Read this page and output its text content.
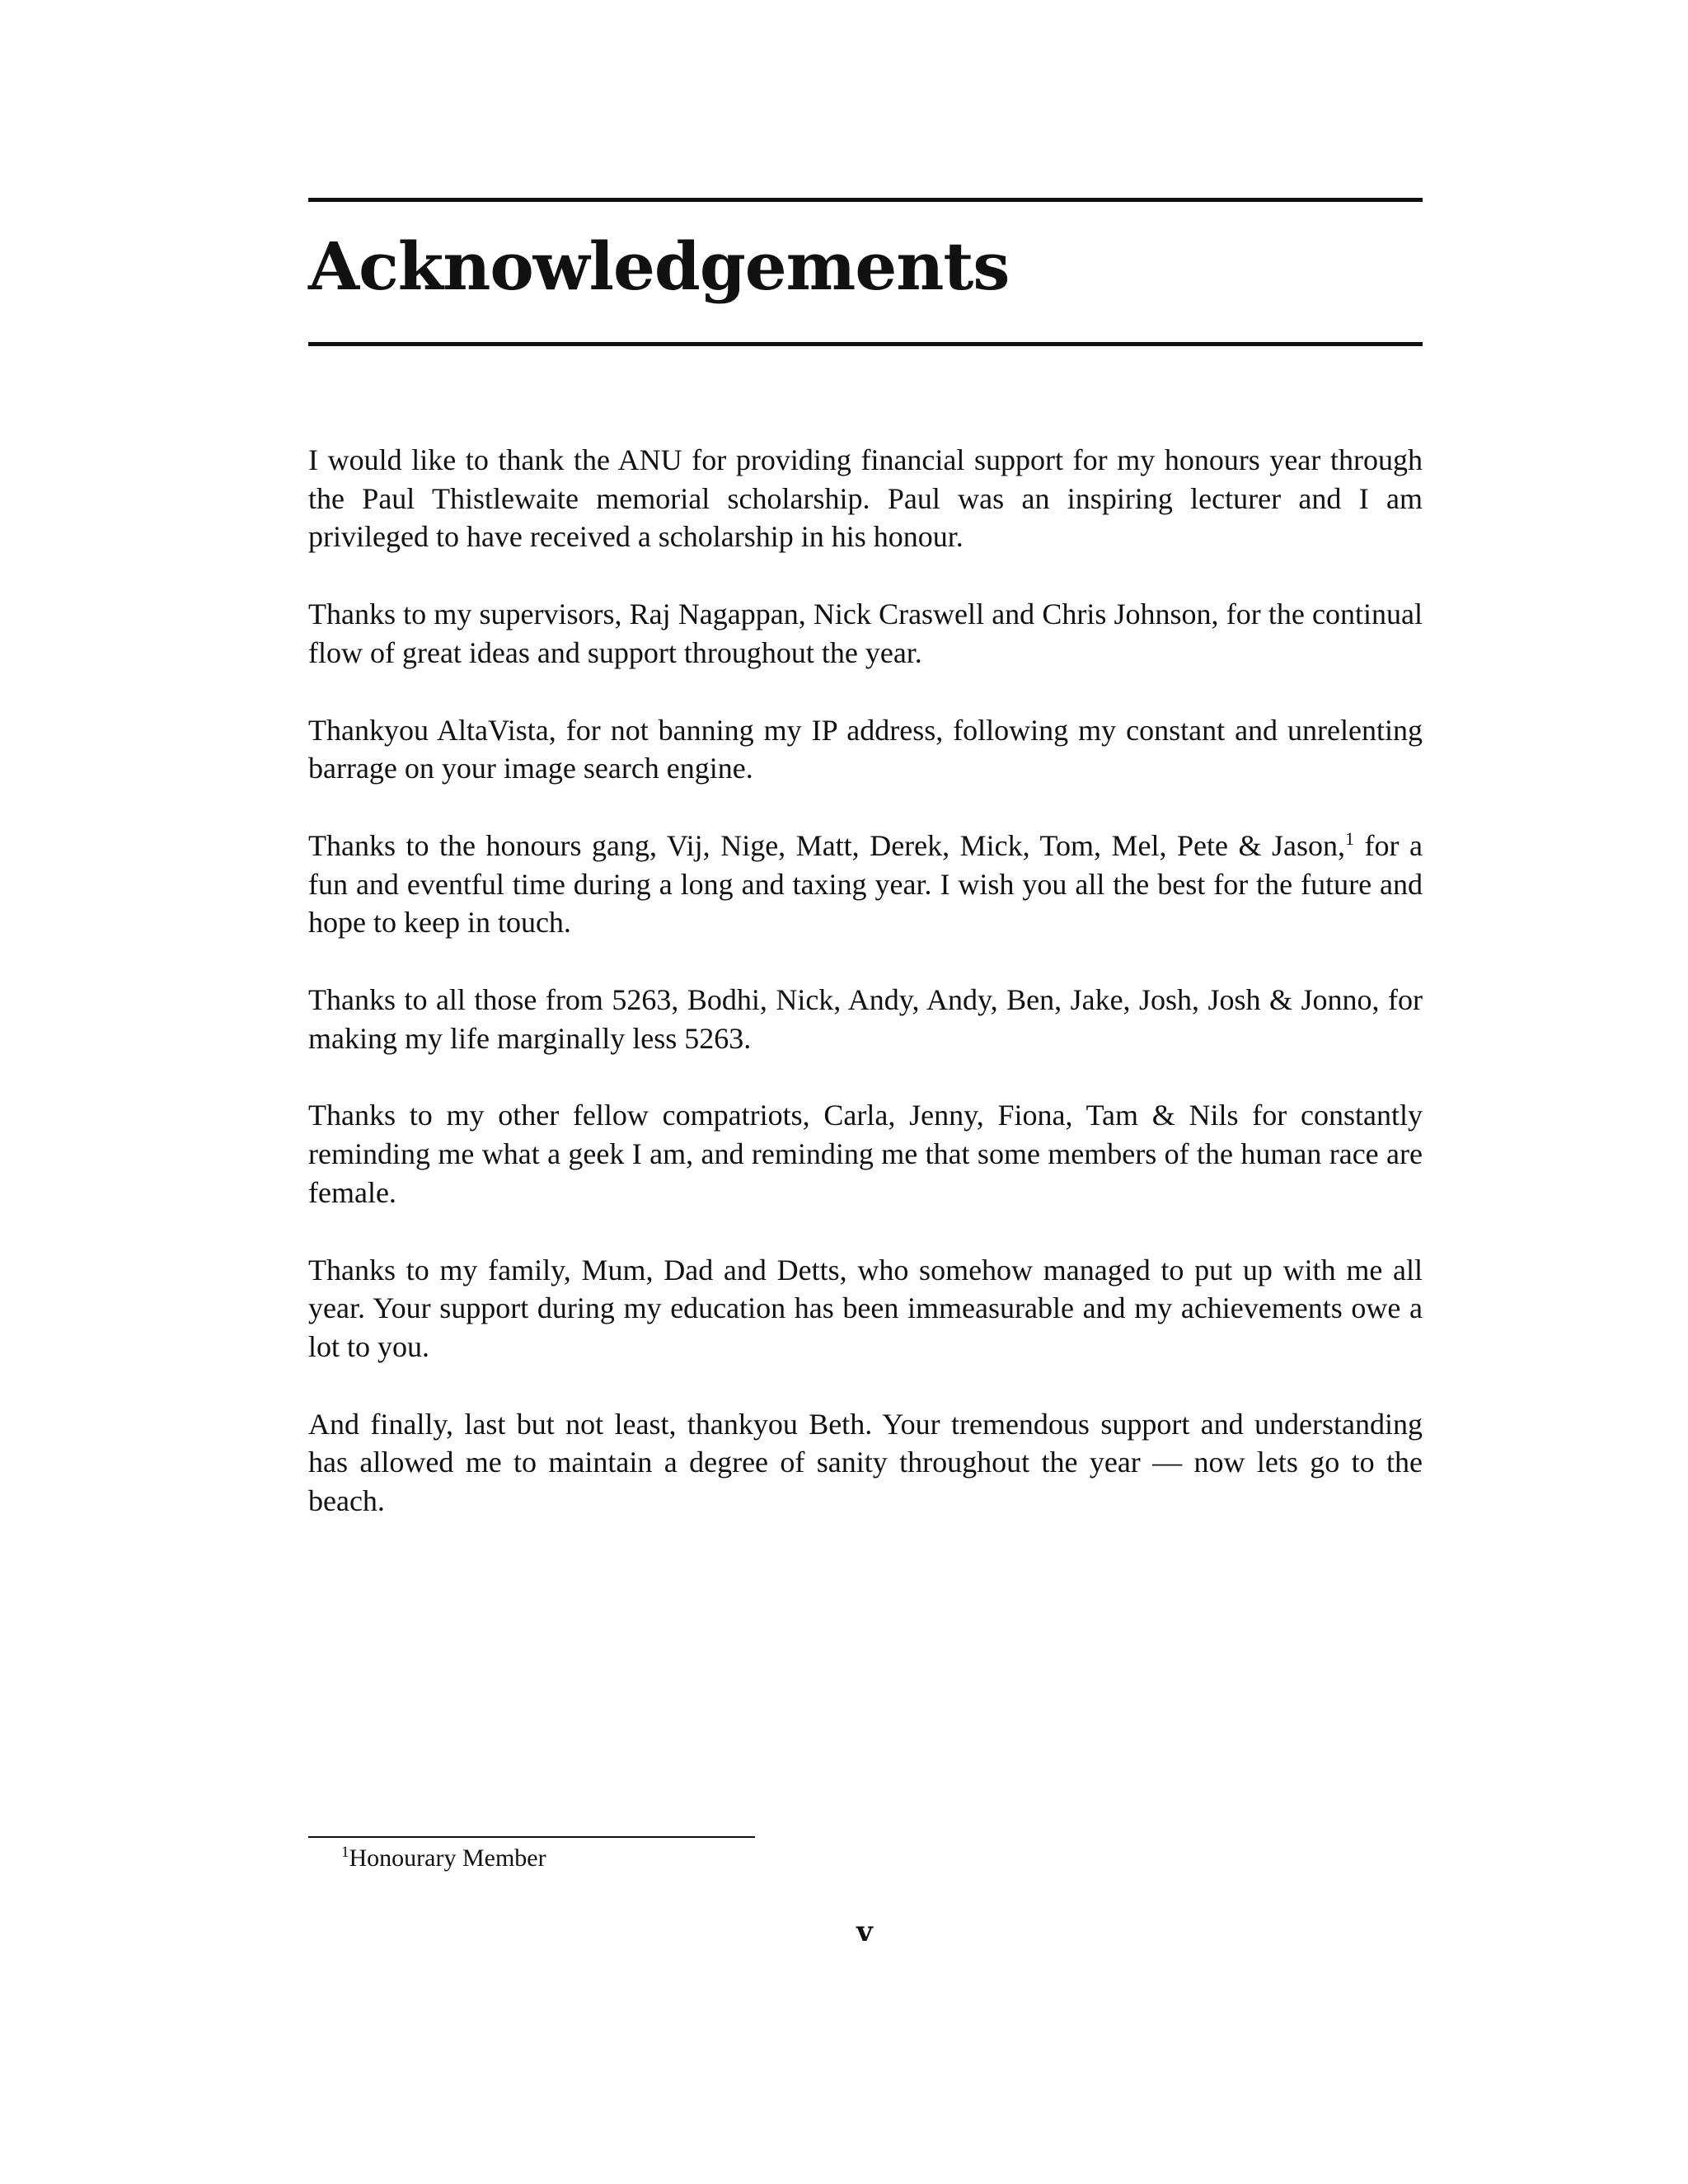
Acknowledgements

I would like to thank the ANU for providing financial support for my honours year through the Paul Thistlewaite memorial scholarship. Paul was an inspiring lecturer and I am privileged to have received a scholarship in his honour.

Thanks to my supervisors, Raj Nagappan, Nick Craswell and Chris Johnson, for the continual flow of great ideas and support throughout the year.

Thankyou AltaVista, for not banning my IP address, following my constant and unrelenting barrage on your image search engine.

Thanks to the honours gang, Vij, Nige, Matt, Derek, Mick, Tom, Mel, Pete & Jason,$^1$ for a fun and eventful time during a long and taxing year. I wish you all the best for the future and hope to keep in touch.

Thanks to all those from 5263, Bodhi, Nick, Andy, Andy, Ben, Jake, Josh, Josh & Jonno, for making my life marginally less 5263.

Thanks to my other fellow compatriots, Carla, Jenny, Fiona, Tam & Nils for constantly reminding me what a geek I am, and reminding me that some members of the human race are female.

Thanks to my family, Mum, Dad and Detts, who somehow managed to put up with me all year. Your support during my education has been immeasurable and my achievements owe a lot to you.

And finally, last but not least, thankyou Beth. Your tremendous support and understanding has allowed me to maintain a degree of sanity throughout the year — now lets go to the beach.

$^1$Honourary Member
v
